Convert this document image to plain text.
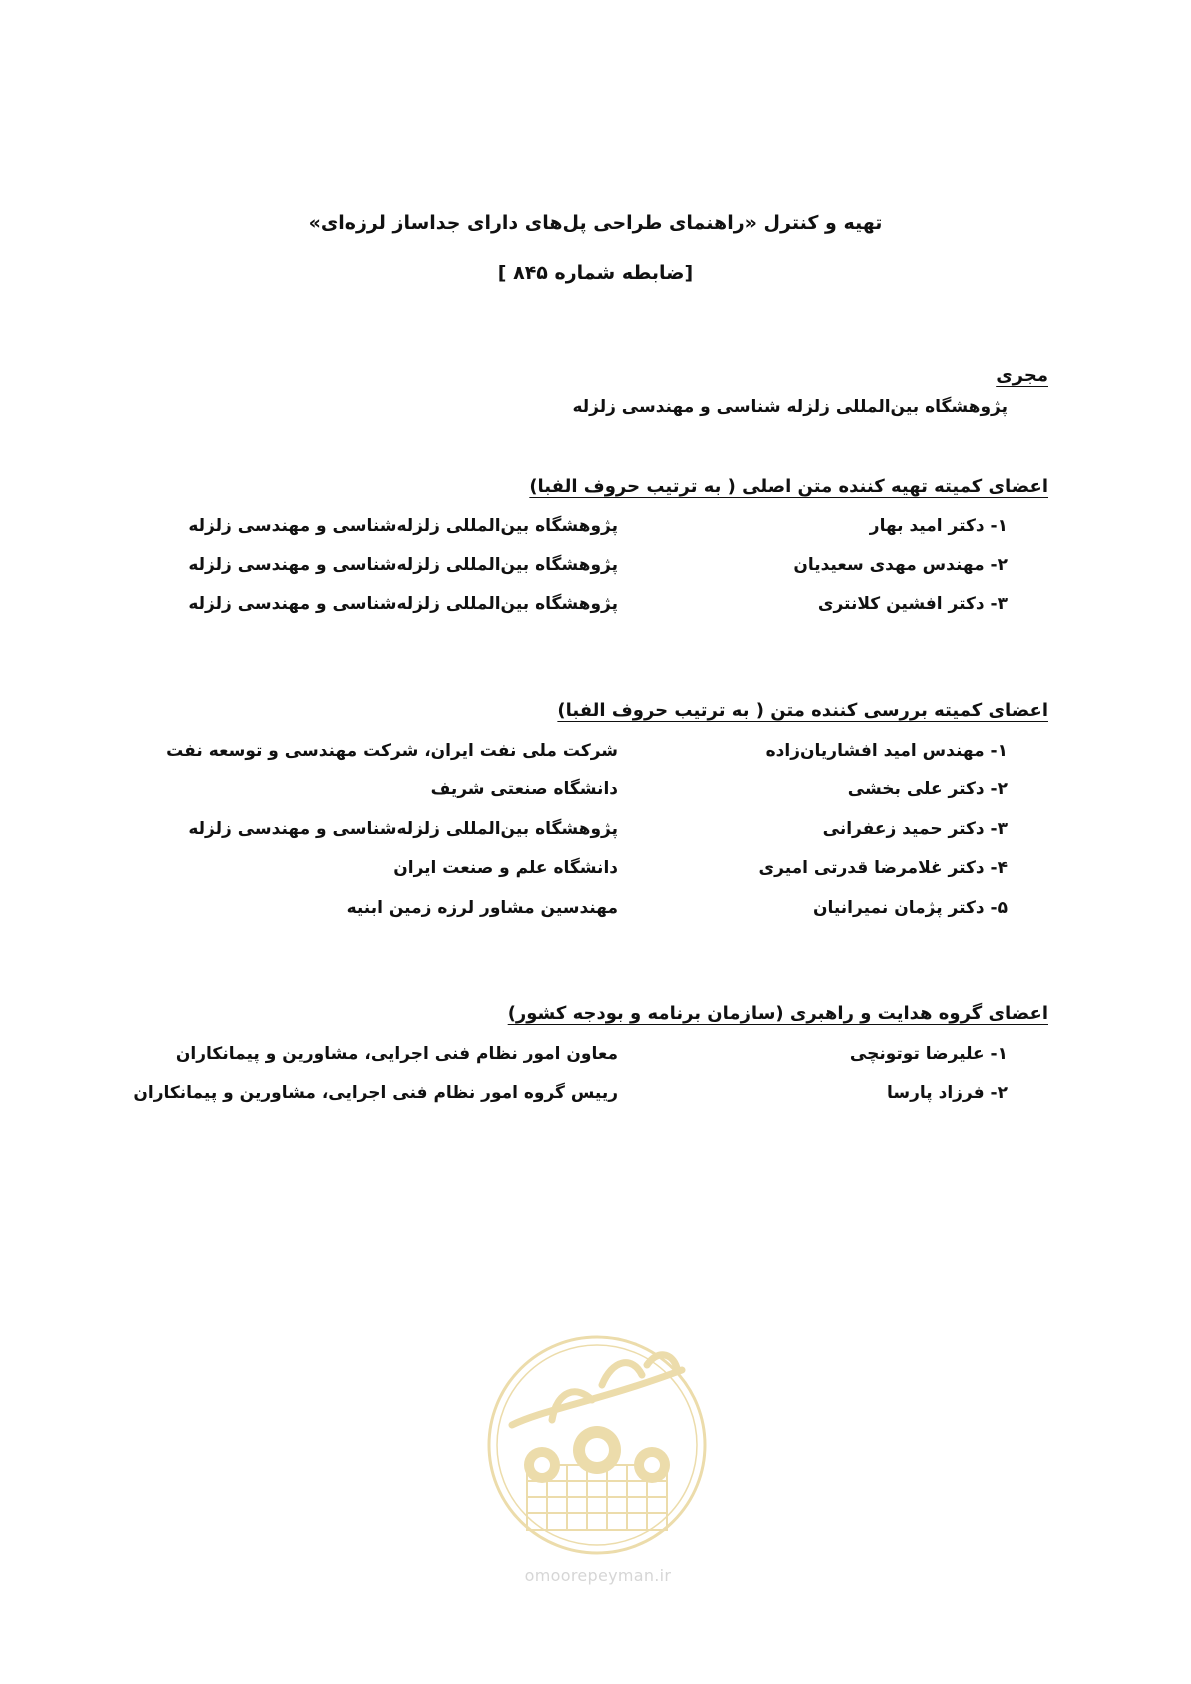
تهیه و کنترل «راهنمای طراحی پل‌های دارای جداساز لرزه‌ای»
[ضابطه شماره ۸۴۵ ]
مجری
پژوهشگاه بین‌المللی زلزله شناسی و مهندسی زلزله
اعضای کمیته تهیه کننده متن اصلی ( به ترتیب حروف الفبا)
۱- دکتر امید بهار
پژوهشگاه بین‌المللی زلزله‌شناسی و مهندسی زلزله
۲- مهندس مهدی سعیدیان
پژوهشگاه بین‌المللی زلزله‌شناسی و مهندسی زلزله
۳- دکتر افشین کلانتری
پژوهشگاه بین‌المللی زلزله‌شناسی و مهندسی زلزله
اعضای کمیته بررسی کننده متن ( به ترتیب حروف الفبا)
۱- مهندس امید افشاریان‌زاده
شرکت ملی نفت ایران، شرکت مهندسی و توسعه نفت
۲- دکتر علی بخشی
دانشگاه صنعتی شریف
۳- دکتر حمید زعفرانی
پژوهشگاه بین‌المللی زلزله‌شناسی و مهندسی زلزله
۴- دکتر غلامرضا قدرتی امیری
دانشگاه علم و صنعت ایران
۵- دکتر پژمان نمیرانیان
مهندسین مشاور لرزه زمین ابنیه
اعضای گروه هدایت و راهبری (سازمان برنامه و بودجه کشور)
۱- علیرضا توتونچی
معاون امور نظام فنی اجرایی، مشاورین و پیمانکاران
۲- فرزاد پارسا
رییس گروه امور نظام فنی اجرایی، مشاورین و پیمانکاران
omoorepeyman.ir
